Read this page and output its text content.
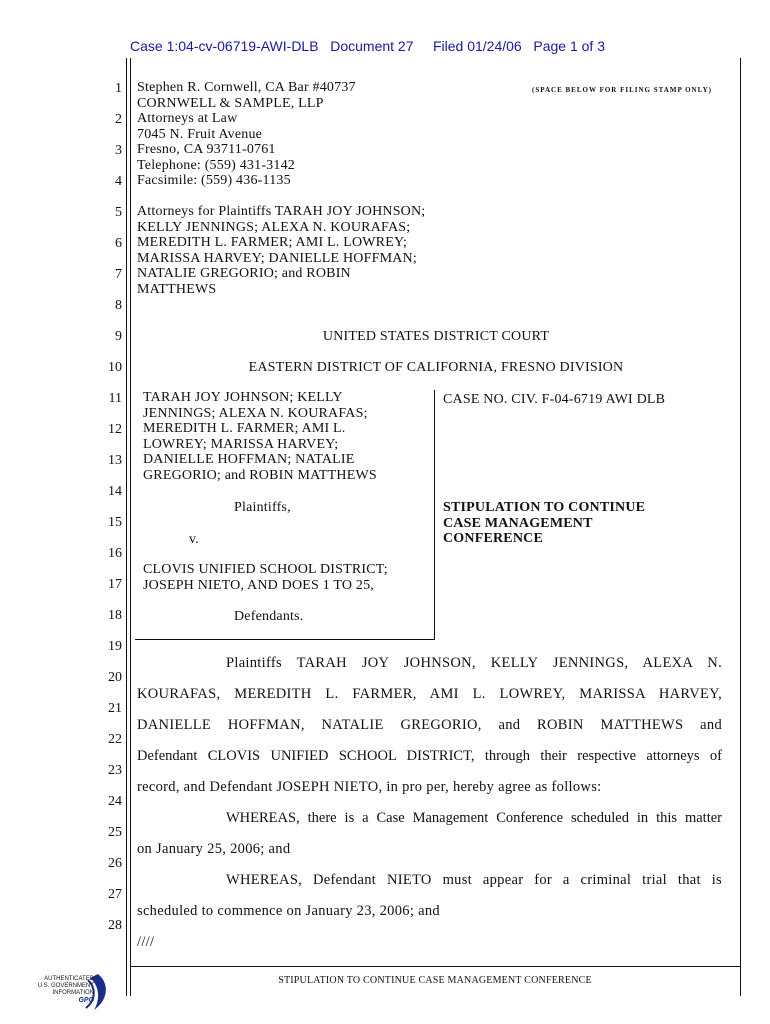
Case 1:04-cv-06719-AWI-DLB Document 27 Filed 01/24/06 Page 1 of 3
1
2
3
4
5
6
7
8
9
10
11
12
13
14
15
16
17
18
19
20
21
22
23
24
25
26
27
28
Stephen R. Cornwell, CA Bar #40737
CORNWELL & SAMPLE, LLP
Attorneys at Law
7045 N. Fruit Avenue
Fresno, CA 93711-0761
Telephone: (559) 431-3142
Facsimile: (559) 436-1135
(SPACE BELOW FOR FILING STAMP ONLY)
Attorneys for Plaintiffs TARAH JOY JOHNSON;
KELLY JENNINGS; ALEXA N. KOURAFAS;
MEREDITH L. FARMER; AMI L. LOWREY;
MARISSA HARVEY; DANIELLE HOFFMAN;
NATALIE GREGORIO; and ROBIN
MATTHEWS
UNITED STATES DISTRICT COURT
EASTERN DISTRICT OF CALIFORNIA, FRESNO DIVISION
TARAH JOY JOHNSON; KELLY
JENNINGS; ALEXA N. KOURAFAS;
MEREDITH L. FARMER; AMI L.
LOWREY; MARISSA HARVEY;
DANIELLE HOFFMAN; NATALIE
GREGORIO; and ROBIN MATTHEWS
Plaintiffs,
v.
CLOVIS UNIFIED SCHOOL DISTRICT;
JOSEPH NIETO, AND DOES 1 TO 25,
Defendants.
CASE NO. CIV. F-04-6719 AWI DLB
STIPULATION TO CONTINUE
CASE MANAGEMENT
CONFERENCE
Plaintiffs TARAH JOY JOHNSON, KELLY JENNINGS, ALEXA N.
KOURAFAS, MEREDITH L. FARMER, AMI L. LOWREY, MARISSA HARVEY,
DANIELLE HOFFMAN, NATALIE GREGORIO, and ROBIN MATTHEWS and
Defendant CLOVIS UNIFIED SCHOOL DISTRICT, through their respective attorneys of
record, and Defendant JOSEPH NIETO, in pro per, hereby agree as follows:
WHEREAS, there is a Case Management Conference scheduled in this matter
on January 25, 2006; and
WHEREAS, Defendant NIETO must appear for a criminal trial that is
scheduled to commence on January 23, 2006; and
////
STIPULATION TO CONTINUE CASE MANAGEMENT CONFERENCE
AUTHENTICATED
U.S. GOVERNMENT
INFORMATION
GPO
